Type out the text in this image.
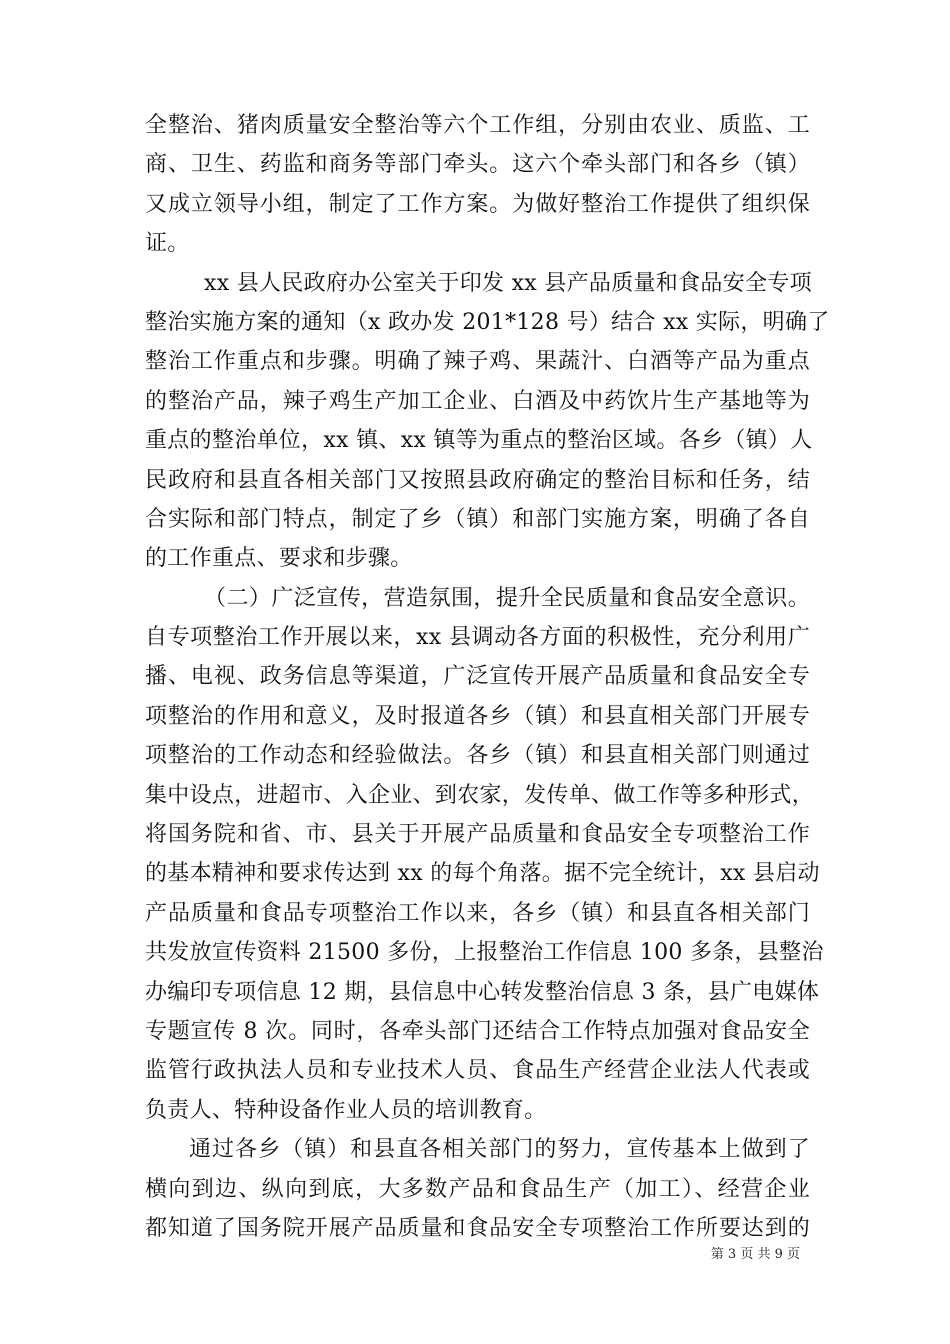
全整治、猪肉质量安全整治等六个工作组，分别由农业、质监、工
商、卫生、药监和商务等部门牵头。这六个牵头部门和各乡（镇）
又成立领导小组，制定了工作方案。为做好整治工作提供了组织保
证。
xx 县人民政府办公室关于印发 xx 县产品质量和食品安全专项
整治实施方案的通知（x 政办发 201*128 号）结合 xx 实际，明确了
整治工作重点和步骤。明确了辣子鸡、果蔬汁、白酒等产品为重点
的整治产品，辣子鸡生产加工企业、白酒及中药饮片生产基地等为
重点的整治单位，xx 镇、xx 镇等为重点的整治区域。各乡（镇）人
民政府和县直各相关部门又按照县政府确定的整治目标和任务，结
合实际和部门特点，制定了乡（镇）和部门实施方案，明确了各自
的工作重点、要求和步骤。
（二）广泛宣传，营造氛围，提升全民质量和食品安全意识。
自专项整治工作开展以来，xx 县调动各方面的积极性，充分利用广
播、电视、政务信息等渠道，广泛宣传开展产品质量和食品安全专
项整治的作用和意义，及时报道各乡（镇）和县直相关部门开展专
项整治的工作动态和经验做法。各乡（镇）和县直相关部门则通过
集中设点，进超市、入企业、到农家，发传单、做工作等多种形式，
将国务院和省、市、县关于开展产品质量和食品安全专项整治工作
的基本精神和要求传达到 xx 的每个角落。据不完全统计，xx 县启动
产品质量和食品专项整治工作以来，各乡（镇）和县直各相关部门
共发放宣传资料 21500 多份，上报整治工作信息 100 多条，县整治
办编印专项信息 12 期，县信息中心转发整治信息 3 条，县广电媒体
专题宣传 8 次。同时，各牵头部门还结合工作特点加强对食品安全
监管行政执法人员和专业技术人员、食品生产经营企业法人代表或
负责人、特种设备作业人员的培训教育。
通过各乡（镇）和县直各相关部门的努力，宣传基本上做到了
横向到边、纵向到底，大多数产品和食品生产（加工）、经营企业
都知道了国务院开展产品质量和食品安全专项整治工作所要达到的
第 3 页 共 9 页
